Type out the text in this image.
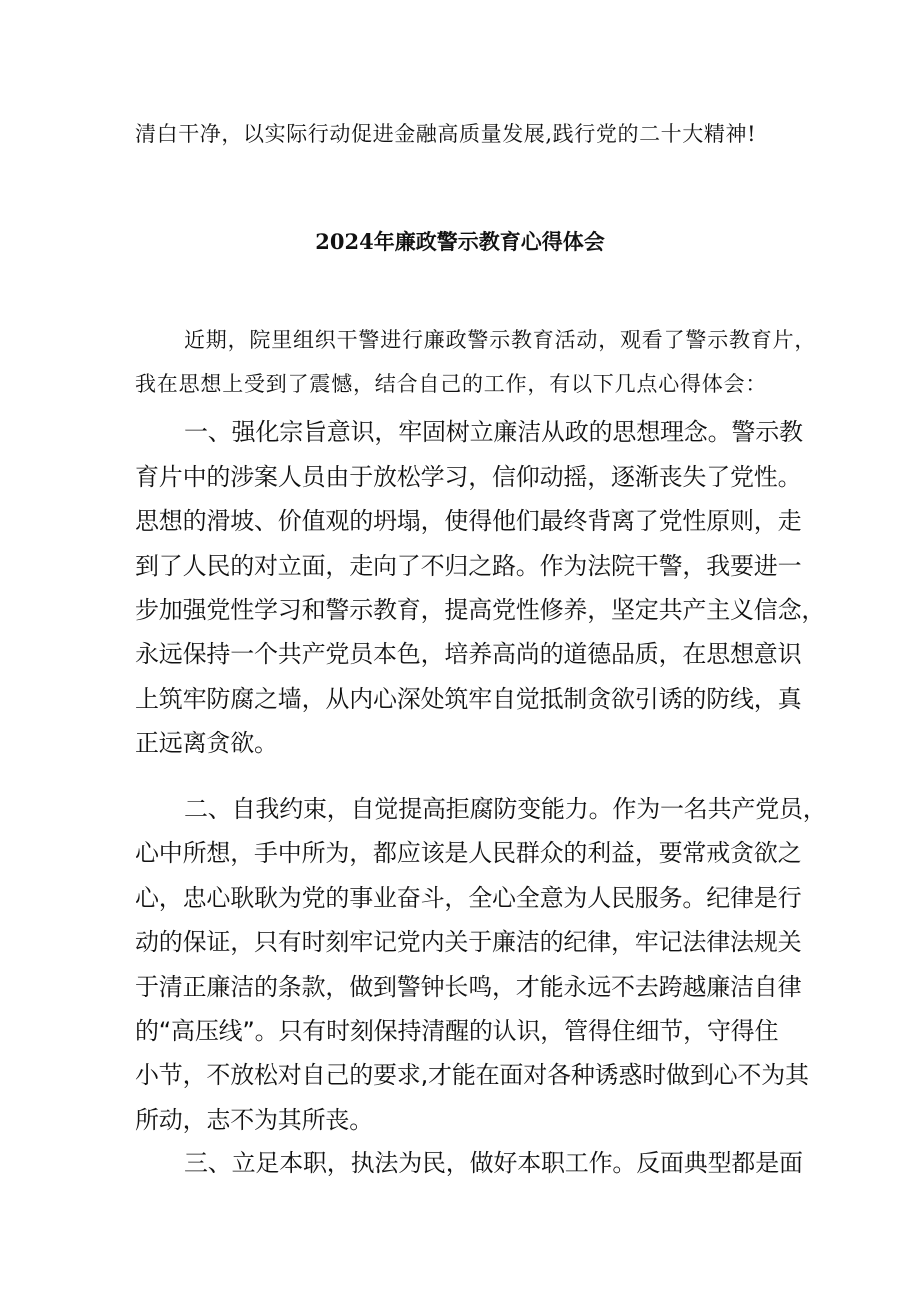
清白干净，以实际行动促进金融高质量发展,践行党的二十大精神!

2024年廉政警示教育心得体会

近期，院里组织干警进行廉政警示教育活动，观看了警示教育片，

我在思想上受到了震憾，结合自己的工作，有以下几点心得体会：

一、强化宗旨意识，牢固树立廉洁从政的思想理念。警示教

育片中的涉案人员由于放松学习，信仰动摇，逐渐丧失了党性。

思想的滑坡、价值观的坍塌，使得他们最终背离了党性原则，走

到了人民的对立面，走向了不归之路。作为法院干警，我要进一

步加强党性学习和警示教育，提高党性修养，坚定共产主义信念，

永远保持一个共产党员本色，培养高尚的道德品质，在思想意识

上筑牢防腐之墙，从内心深处筑牢自觉抵制贪欲引诱的防线，真

正远离贪欲。

二、自我约束，自觉提高拒腐防变能力。作为一名共产党员，

心中所想，手中所为，都应该是人民群众的利益，要常戒贪欲之

心，忠心耿耿为党的事业奋斗，全心全意为人民服务。纪律是行

动的保证，只有时刻牢记党内关于廉洁的纪律，牢记法律法规关

于清正廉洁的条款，做到警钟长鸣，才能永远不去跨越廉洁自律

的“高压线”。只有时刻保持清醒的认识，管得住细节，守得住

小节，不放松对自己的要求,才能在面对各种诱惑时做到心不为其

所动，志不为其所丧。

三、立足本职，执法为民，做好本职工作。反面典型都是面
